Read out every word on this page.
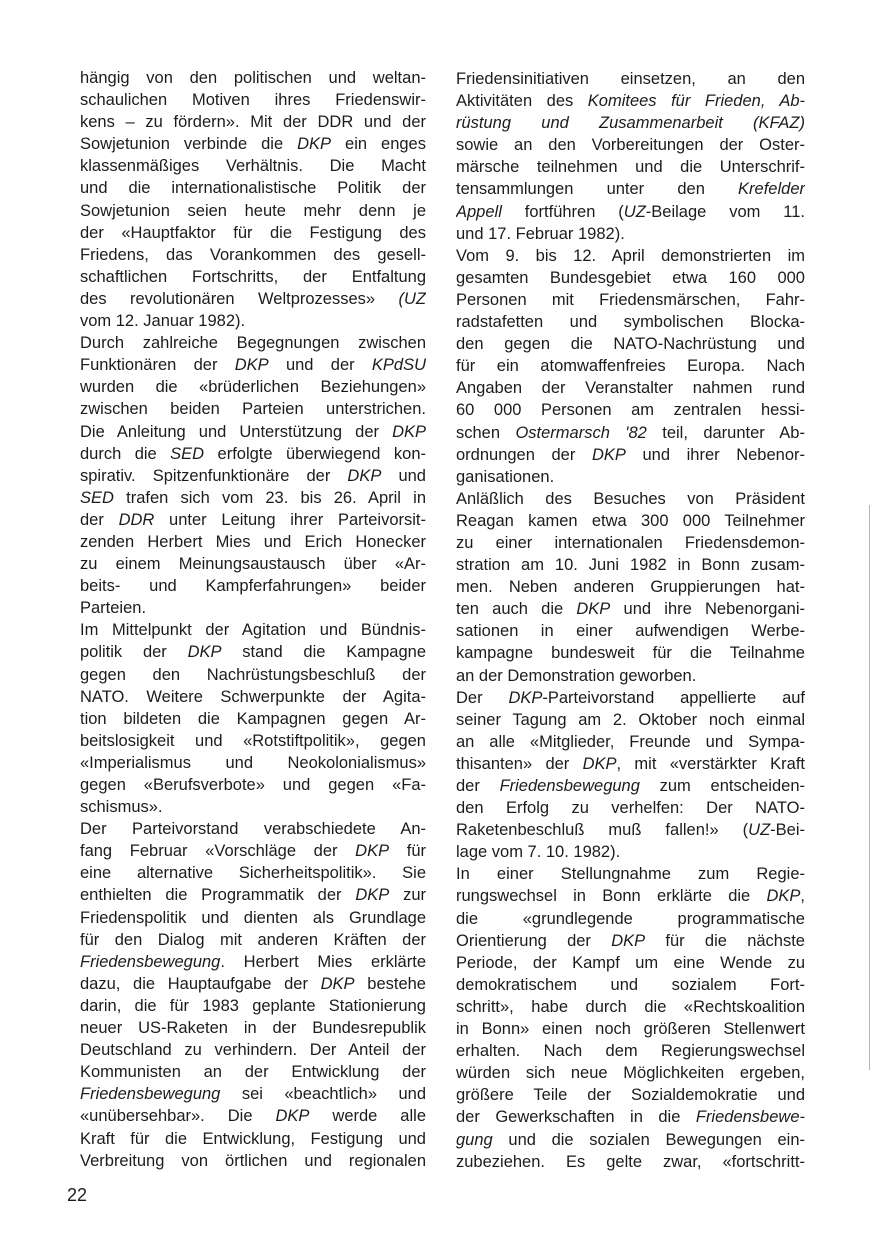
hängig von den politischen und weltan-
schaulichen Motiven ihres Friedenswir-
kens – zu fördern». Mit der DDR und der
Sowjetunion verbinde die DKP ein enges
klassenmäßiges Verhältnis. Die Macht
und die internationalistische Politik der
Sowjetunion seien heute mehr denn je
der «Hauptfaktor für die Festigung des
Friedens, das Vorankommen des gesell-
schaftlichen Fortschritts, der Entfaltung
des revolutionären Weltprozesses» (UZ
vom 12. Januar 1982).
Durch zahlreiche Begegnungen zwischen
Funktionären der DKP und der KPdSU
wurden die «brüderlichen Beziehungen»
zwischen beiden Parteien unterstrichen.
Die Anleitung und Unterstützung der DKP
durch die SED erfolgte überwiegend kon-
spirativ. Spitzenfunktionäre der DKP und
SED trafen sich vom 23. bis 26. April in
der DDR unter Leitung ihrer Parteivorsit-
zenden Herbert Mies und Erich Honecker
zu einem Meinungsaustausch über «Ar-
beits- und Kampferfahrungen» beider
Parteien.
Im Mittelpunkt der Agitation und Bündnis-
politik der DKP stand die Kampagne
gegen den Nachrüstungsbeschluß der
NATO. Weitere Schwerpunkte der Agita-
tion bildeten die Kampagnen gegen Ar-
beitslosigkeit und «Rotstiftpolitik», gegen
«Imperialismus und Neokolonialismus»
gegen «Berufsverbote» und gegen «Fa-
schismus».
Der Parteivorstand verabschiedete An-
fang Februar «Vorschläge der DKP für
eine alternative Sicherheitspolitik». Sie
enthielten die Programmatik der DKP zur
Friedenspolitik und dienten als Grundlage
für den Dialog mit anderen Kräften der
Friedensbewegung. Herbert Mies erklärte
dazu, die Hauptaufgabe der DKP bestehe
darin, die für 1983 geplante Stationierung
neuer US-Raketen in der Bundesrepublik
Deutschland zu verhindern. Der Anteil der
Kommunisten an der Entwicklung der
Friedensbewegung sei «beachtlich» und
«unübersehbar». Die DKP werde alle
Kraft für die Entwicklung, Festigung und
Verbreitung von örtlichen und regionalen
Friedensinitiativen einsetzen, an den
Aktivitäten des Komitees für Frieden, Ab-
rüstung und Zusammenarbeit (KFAZ)
sowie an den Vorbereitungen der Oster-
märsche teilnehmen und die Unterschrif-
tensammlungen unter den Krefelder
Appell fortführen (UZ-Beilage vom 11.
und 17. Februar 1982).
Vom 9. bis 12. April demonstrierten im
gesamten Bundesgebiet etwa 160 000
Personen mit Friedensmärschen, Fahr-
radstafetten und symbolischen Blocka-
den gegen die NATO-Nachrüstung und
für ein atomwaffenfreies Europa. Nach
Angaben der Veranstalter nahmen rund
60 000 Personen am zentralen hessi-
schen Ostermarsch '82 teil, darunter Ab-
ordnungen der DKP und ihrer Nebenor-
ganisationen.
Anläßlich des Besuches von Präsident
Reagan kamen etwa 300 000 Teilnehmer
zu einer internationalen Friedensdemon-
stration am 10. Juni 1982 in Bonn zusam-
men. Neben anderen Gruppierungen hat-
ten auch die DKP und ihre Nebenorgani-
sationen in einer aufwendigen Werbe-
kampagne bundesweit für die Teilnahme
an der Demonstration geworben.
Der DKP-Parteivorstand appellierte auf
seiner Tagung am 2. Oktober noch einmal
an alle «Mitglieder, Freunde und Sympa-
thisanten» der DKP, mit «verstärkter Kraft
der Friedensbewegung zum entscheiden-
den Erfolg zu verhelfen: Der NATO-
Raketenbeschluß muß fallen!» (UZ-Bei-
lage vom 7. 10. 1982).
In einer Stellungnahme zum Regie-
rungswechsel in Bonn erklärte die DKP,
die «grundlegende programmatische
Orientierung der DKP für die nächste
Periode, der Kampf um eine Wende zu
demokratischem und sozialem Fort-
schritt», habe durch die «Rechtskoalition
in Bonn» einen noch größeren Stellenwert
erhalten. Nach dem Regierungswechsel
würden sich neue Möglichkeiten ergeben,
größere Teile der Sozialdemokratie und
der Gewerkschaften in die Friedensbewe-
gung und die sozialen Bewegungen ein-
zubeziehen. Es gelte zwar, «fortschritt-
22
